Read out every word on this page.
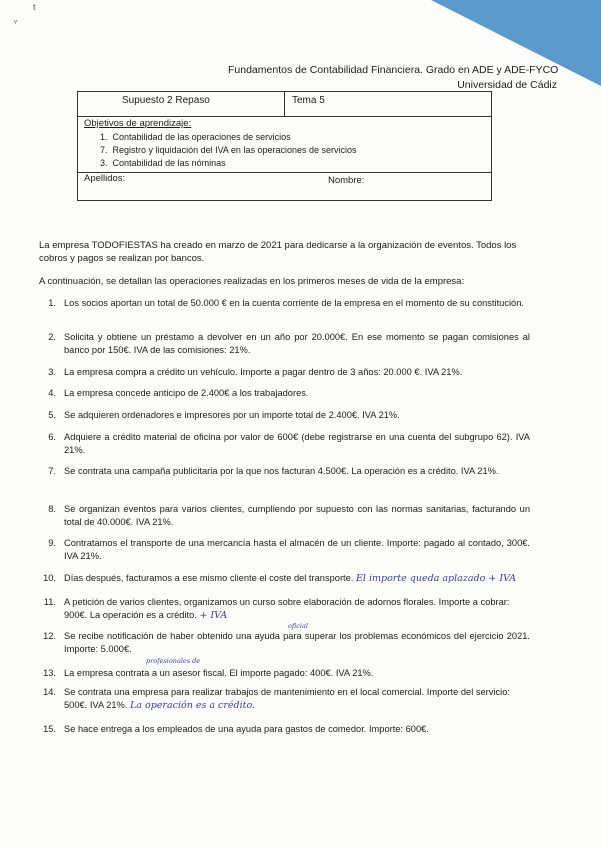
t
ᵥ
Fundamentos de Contabilidad Financiera. Grado en ADE y ADE-FYCO
Universidad de Cádiz
Supuesto 2 Repaso	Tema 5
Objetivos de aprendizaje:
1. Contabilidad de las operaciones de servicios
7. Registro y liquidación del IVA en las operaciones de servicios
3. Contabilidad de las nóminas
Apellidos:	Nombre:
La empresa TODOFIESTAS ha creado en marzo de 2021 para dedicarse a la organización de eventos. Todos los cobros y pagos se realizan por bancos.
A continuación, se detallan las operaciones realizadas en los primeros meses de vida de la empresa:
1. Los socios aportan un total de 50.000 € en la cuenta corriente de la empresa en el momento de su constitución.
2. Solicita y obtiene un préstamo a devolver en un año por 20.000€. En ese momento se pagan comisiones al banco por 150€. IVA de las comisiones: 21%.
3. La empresa compra a crédito un vehículo. Importe a pagar dentro de 3 años: 20.000 €. IVA 21%.
4. La empresa concede anticipo de 2.400€ a los trabajadores.
5. Se adquieren ordenadores e impresores por un importe total de 2.400€. IVA 21%.
6. Adquiere a crédito material de oficina por valor de 600€ (debe registrarse en una cuenta del subgrupo 62). IVA 21%.
7. Se contrata una campaña publicitaria por la que nos facturan 4.500€. La operación es a crédito. IVA 21%.
8. Se organizan eventos para varios clientes, cumpliendo por supuesto con las normas sanitarias, facturando un total de 40.000€. IVA 21%.
9. Contratamos el transporte de una mercancía hasta el almacén de un cliente. Importe: pagado al contado, 300€. IVA 21%.
10. Días después, facturamos a ese mismo cliente el coste del transporte. El importe queda aplazado + IVA
11. A petición de varios clientes, organizamos un curso sobre elaboración de adornos florales. Importe a cobrar: 900€. La operación es a crédito. + IVA
12. Se recibe notificación de haber obtenido una ayuda para superar los problemas económicos del ejercicio 2021. Importe: 5.000€.
13. La empresa contrata a un asesor fiscal. El importe pagado: 400€. IVA 21%.
14. Se contrata una empresa para realizar trabajos de mantenimiento en el local comercial. Importe del servicio: 500€. IVA 21%. La operación es a crédito.
15. Se hace entrega a los empleados de una ayuda para gastos de comedor. Importe: 600€.
oficial
profesionales de
